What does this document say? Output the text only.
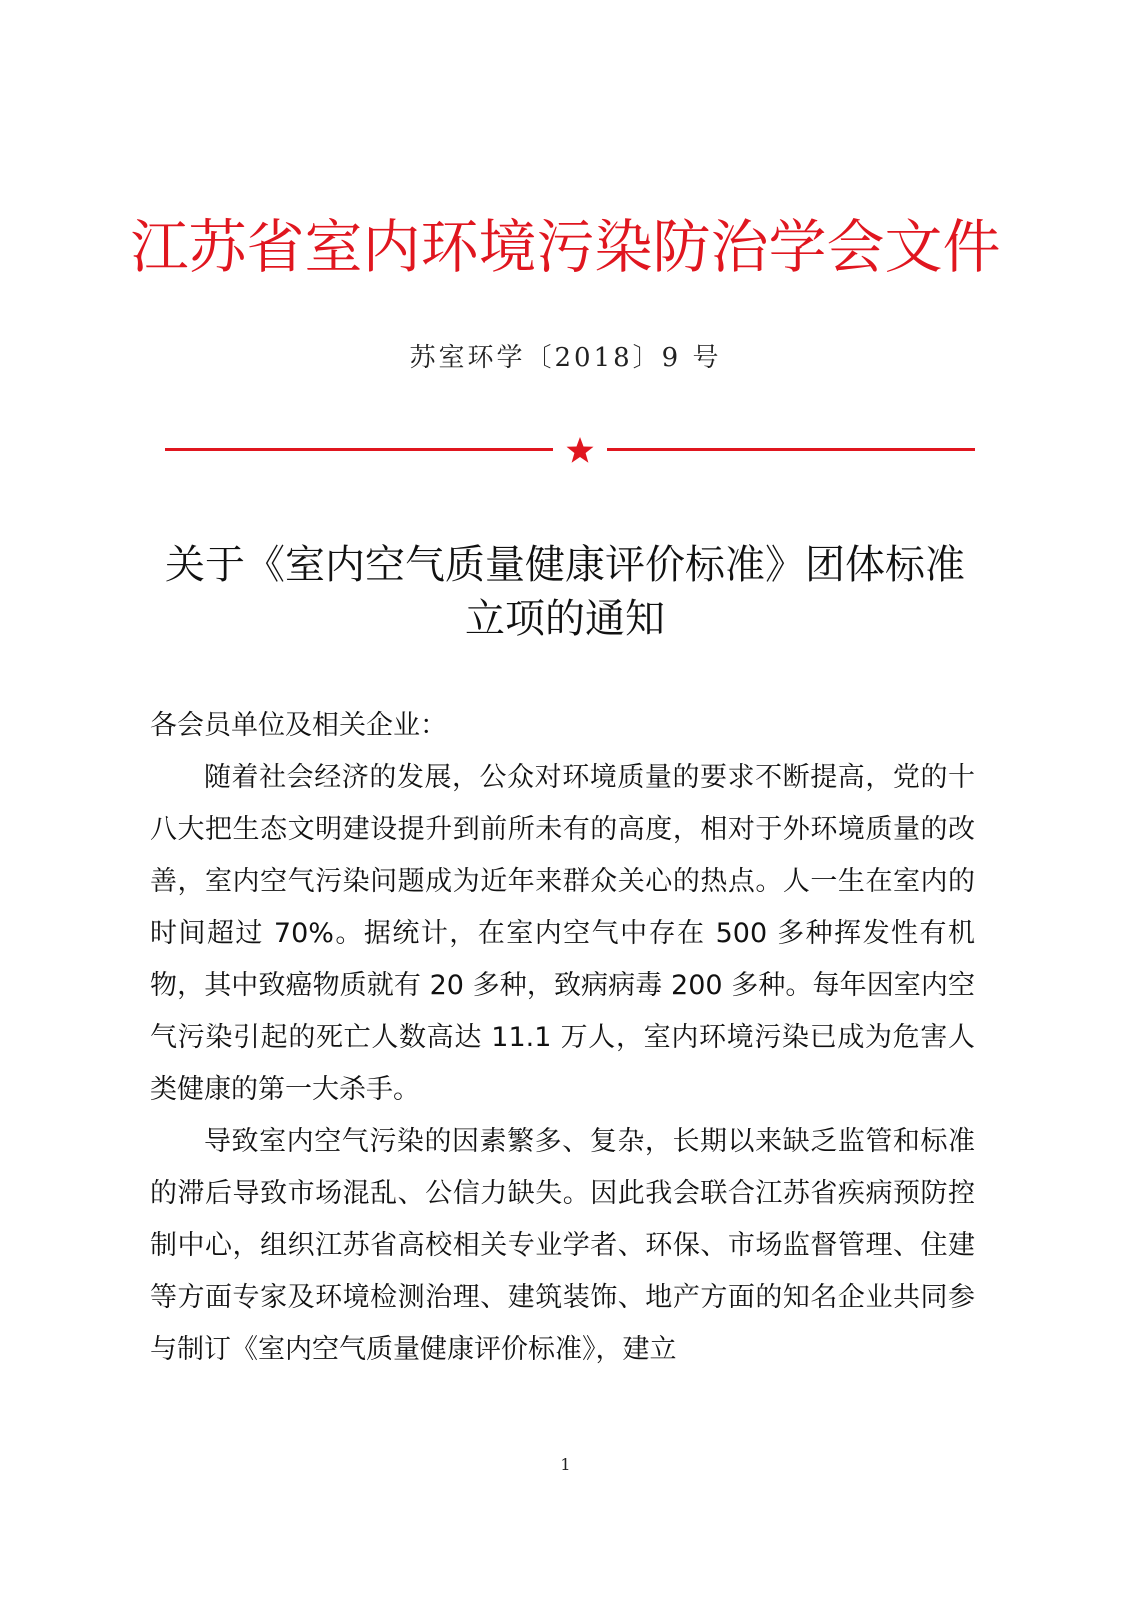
江苏省室内环境污染防治学会文件
苏室环学〔2018〕9 号
关于《室内空气质量健康评价标准》团体标准
立项的通知

各会员单位及相关企业：

随着社会经济的发展，公众对环境质量的要求不断提高，党的十八大把生态文明建设提升到前所未有的高度，相对于外环境质量的改善，室内空气污染问题成为近年来群众关心的热点。人一生在室内的时间超过 70%。据统计，在室内空气中存在 500 多种挥发性有机物，其中致癌物质就有 20 多种，致病病毒 200 多种。每年因室内空气污染引起的死亡人数高达 11.1 万人，室内环境污染已成为危害人类健康的第一大杀手。

导致室内空气污染的因素繁多、复杂，长期以来缺乏监管和标准的滞后导致市场混乱、公信力缺失。因此我会联合江苏省疾病预防控制中心，组织江苏省高校相关专业学者、环保、市场监督管理、住建等方面专家及环境检测治理、建筑装饰、地产方面的知名企业共同参与制订《室内空气质量健康评价标准》，建立

1
